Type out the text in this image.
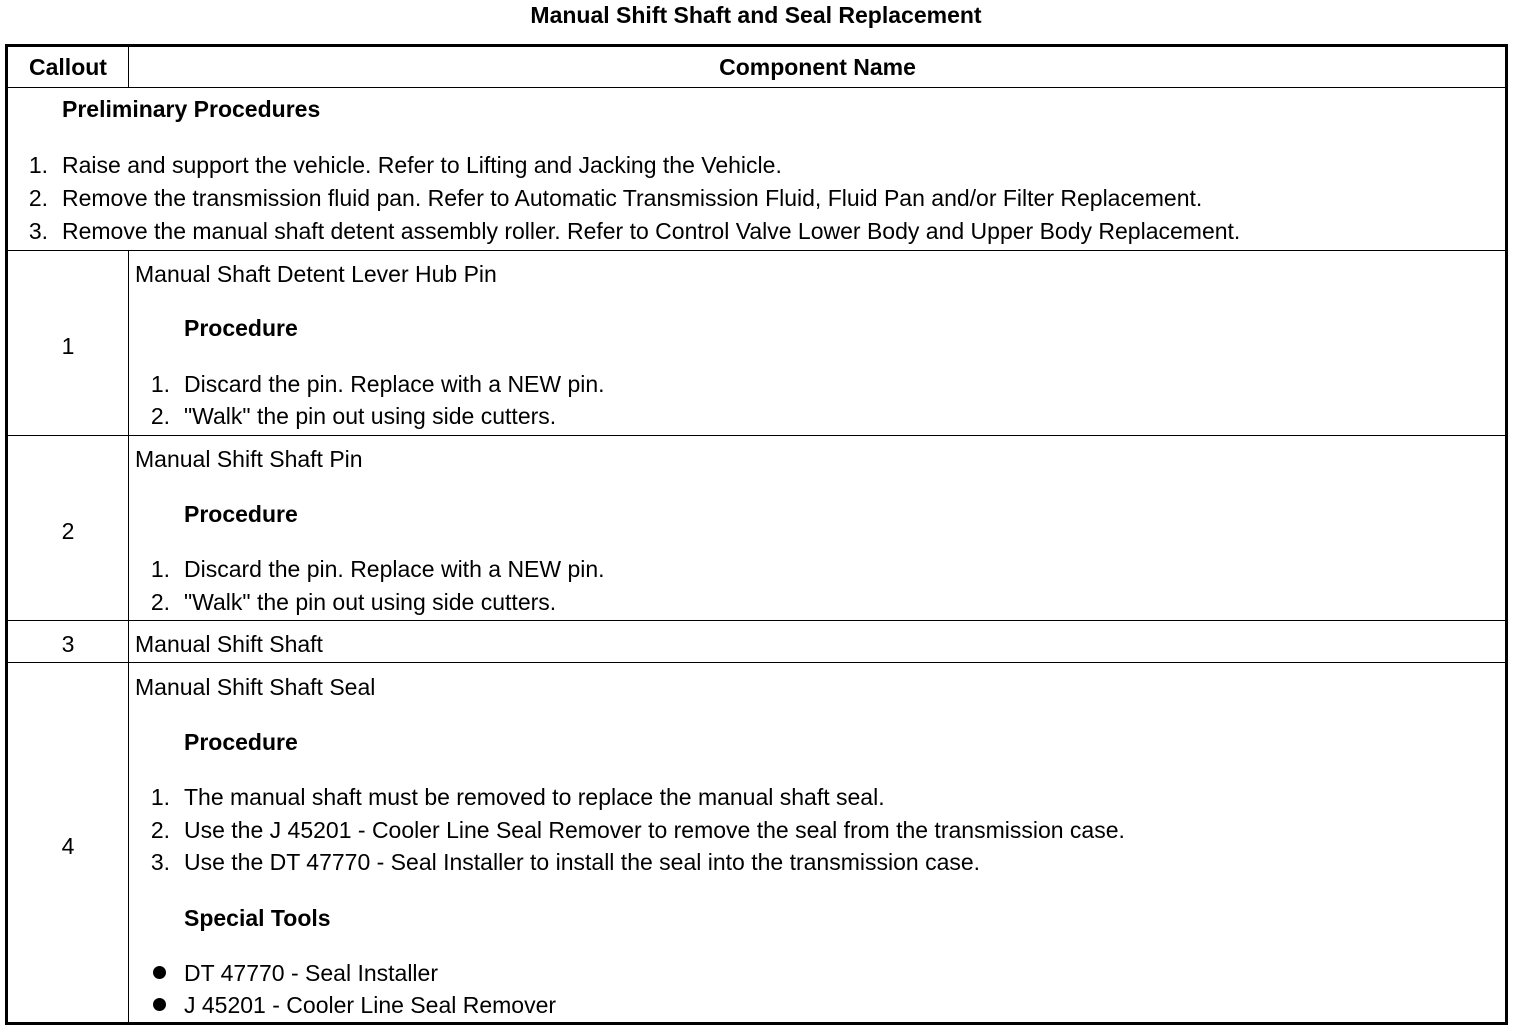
Manual Shift Shaft and Seal Replacement
Callout	Component Name
Preliminary Procedures
1. Raise and support the vehicle. Refer to Lifting and Jacking the Vehicle.
2. Remove the transmission fluid pan. Refer to Automatic Transmission Fluid, Fluid Pan and/or Filter Replacement.
3. Remove the manual shaft detent assembly roller. Refer to Control Valve Lower Body and Upper Body Replacement.
1
Manual Shaft Detent Lever Hub Pin
Procedure
1. Discard the pin. Replace with a NEW pin.
2. "Walk" the pin out using side cutters.
2
Manual Shift Shaft Pin
Procedure
1. Discard the pin. Replace with a NEW pin.
2. "Walk" the pin out using side cutters.
3	Manual Shift Shaft
4
Manual Shift Shaft Seal
Procedure
1. The manual shaft must be removed to replace the manual shaft seal.
2. Use the J 45201 - Cooler Line Seal Remover to remove the seal from the transmission case.
3. Use the DT 47770 - Seal Installer to install the seal into the transmission case.
Special Tools
DT 47770 - Seal Installer
J 45201 - Cooler Line Seal Remover
